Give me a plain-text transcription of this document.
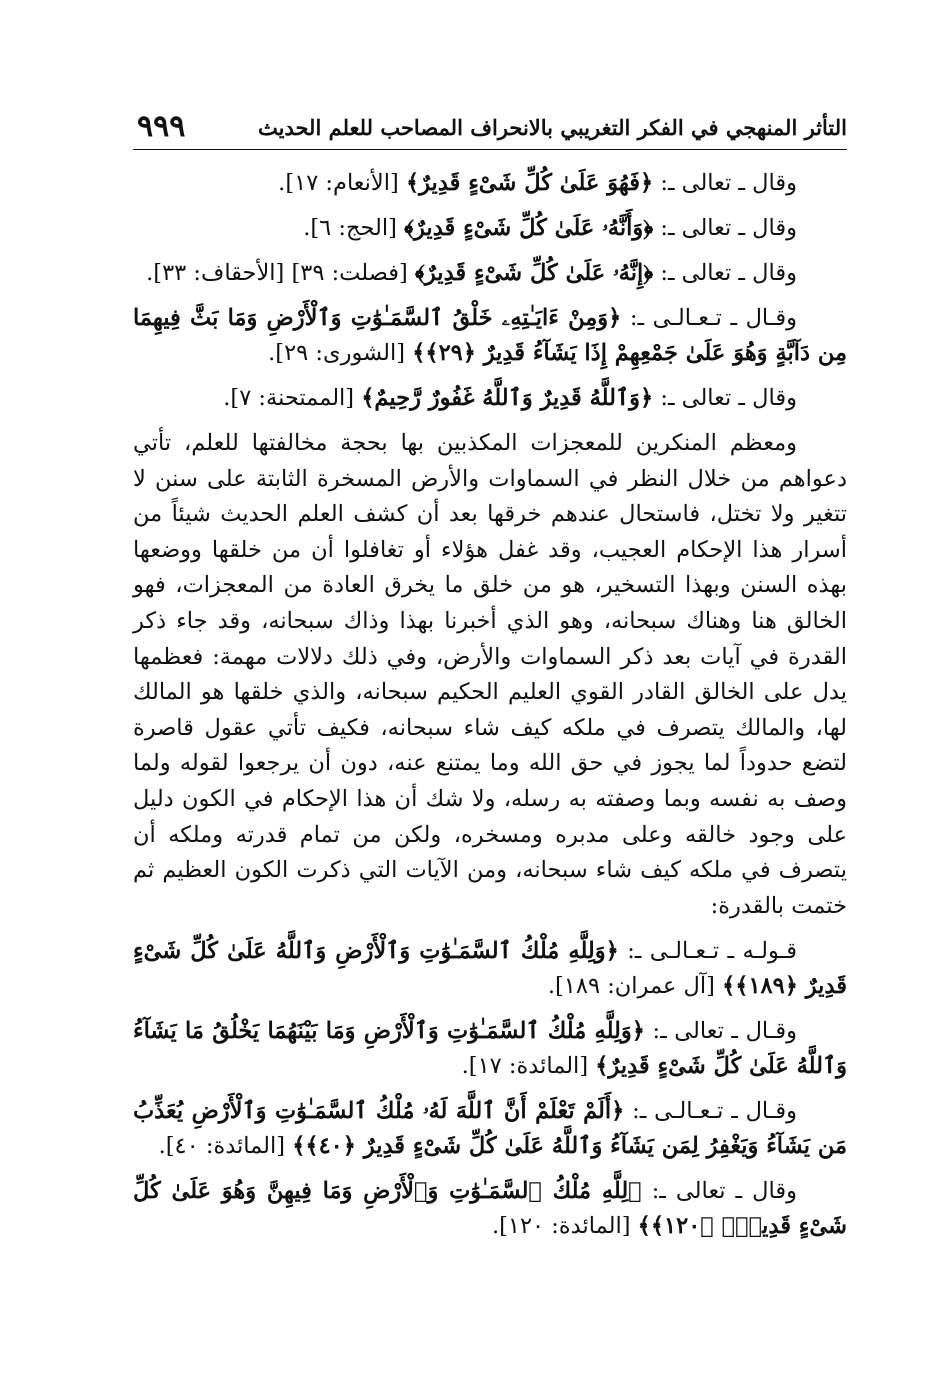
التأثر المنهجي في الفكر التغريبي بالانحراف المصاحب للعلم الحديث
٩٩٩
وقال ـ تعالى ـ: ﴿فَهُوَ عَلَىٰ كُلِّ شَىْءٍ قَدِيرٌ﴾ [الأنعام: ١٧].
وقال ـ تعالى ـ: ﴿وَأَنَّهُۥ عَلَىٰ كُلِّ شَىْءٍ قَدِيرٌ﴾ [الحج: ٦].
وقال ـ تعالى ـ: ﴿إِنَّهُۥ عَلَىٰ كُلِّ شَىْءٍ قَدِيرٌ﴾ [فصلت: ٣٩] [الأحقاف: ٣٣].
وقـال ـ تـعـالـى ـ: ﴿وَمِنْ ءَايَـٰتِهِۦ خَلْقُ ٱلسَّمَـٰوَٰتِ وَٱلْأَرْضِ وَمَا بَثَّ فِيهِمَا مِن دَآبَّةٍ وَهُوَ عَلَىٰ جَمْعِهِمْ إِذَا يَشَآءُ قَدِيرٌ ﴿٢٩﴾﴾ [الشورى: ٢٩].
وقال ـ تعالى ـ: ﴿وَٱللَّهُ قَدِيرٌ وَٱللَّهُ غَفُورٌ رَّحِيمٌ﴾ [الممتحنة: ٧].

ومعظم المنكرين للمعجزات المكذبين بها بحجة مخالفتها للعلم، تأتي دعواهم من خلال النظر في السماوات والأرض المسخرة الثابتة على سنن لا تتغير ولا تختل، فاستحال عندهم خرقها بعد أن كشف العلم الحديث شيئاً من أسرار هذا الإحكام العجيب، وقد غفل هؤلاء أو تغافلوا أن من خلقها ووضعها بهذه السنن وبهذا التسخير، هو من خلق ما يخرق العادة من المعجزات، فهو الخالق هنا وهناك سبحانه، وهو الذي أخبرنا بهذا وذاك سبحانه، وقد جاء ذكر القدرة في آيات بعد ذكر السماوات والأرض، وفي ذلك دلالات مهمة: فعظمها يدل على الخالق القادر القوي العليم الحكيم سبحانه، والذي خلقها هو المالك لها، والمالك يتصرف في ملكه كيف شاء سبحانه، فكيف تأتي عقول قاصرة لتضع حدوداً لما يجوز في حق الله وما يمتنع عنه، دون أن يرجعوا لقوله ولما وصف به نفسه وبما وصفته به رسله، ولا شك أن هذا الإحكام في الكون دليل على وجود خالقه وعلى مدبره ومسخره، ولكن من تمام قدرته وملكه أن يتصرف في ملكه كيف شاء سبحانه، ومن الآيات التي ذكرت الكون العظيم ثم ختمت بالقدرة:

قـولـه ـ تـعـالـى ـ: ﴿وَلِلَّهِ مُلْكُ ٱلسَّمَـٰوَٰتِ وَٱلْأَرْضِ وَٱللَّهُ عَلَىٰ كُلِّ شَىْءٍ قَدِيرٌ ﴿١٨٩﴾﴾ [آل عمران: ١٨٩].
وقـال ـ تعالى ـ: ﴿وَلِلَّهِ مُلْكُ ٱلسَّمَـٰوَٰتِ وَٱلْأَرْضِ وَمَا بَيْنَهُمَا يَخْلُقُ مَا يَشَآءُ وَٱللَّهُ عَلَىٰ كُلِّ شَىْءٍ قَدِيرٌ﴾ [المائدة: ١٧].
وقـال ـ تـعـالـى ـ: ﴿أَلَمْ تَعْلَمْ أَنَّ ٱللَّهَ لَهُۥ مُلْكُ ٱلسَّمَـٰوَٰتِ وَٱلْأَرْضِ يُعَذِّبُ مَن يَشَآءُ وَيَغْفِرُ لِمَن يَشَآءُ وَٱللَّهُ عَلَىٰ كُلِّ شَىْءٍ قَدِيرٌ ﴿٤٠﴾﴾ [المائدة: ٤٠].
وقال ـ تعالى ـ: ﴿لِلَّهِ مُلْكُ ٱلسَّمَـٰوَٰتِ وَٱلْأَرْضِ وَمَا فِيهِنَّ وَهُوَ عَلَىٰ كُلِّ شَىْءٍ قَدِيرٌۢ ﴿١٢٠﴾﴾ [المائدة: ١٢٠].
